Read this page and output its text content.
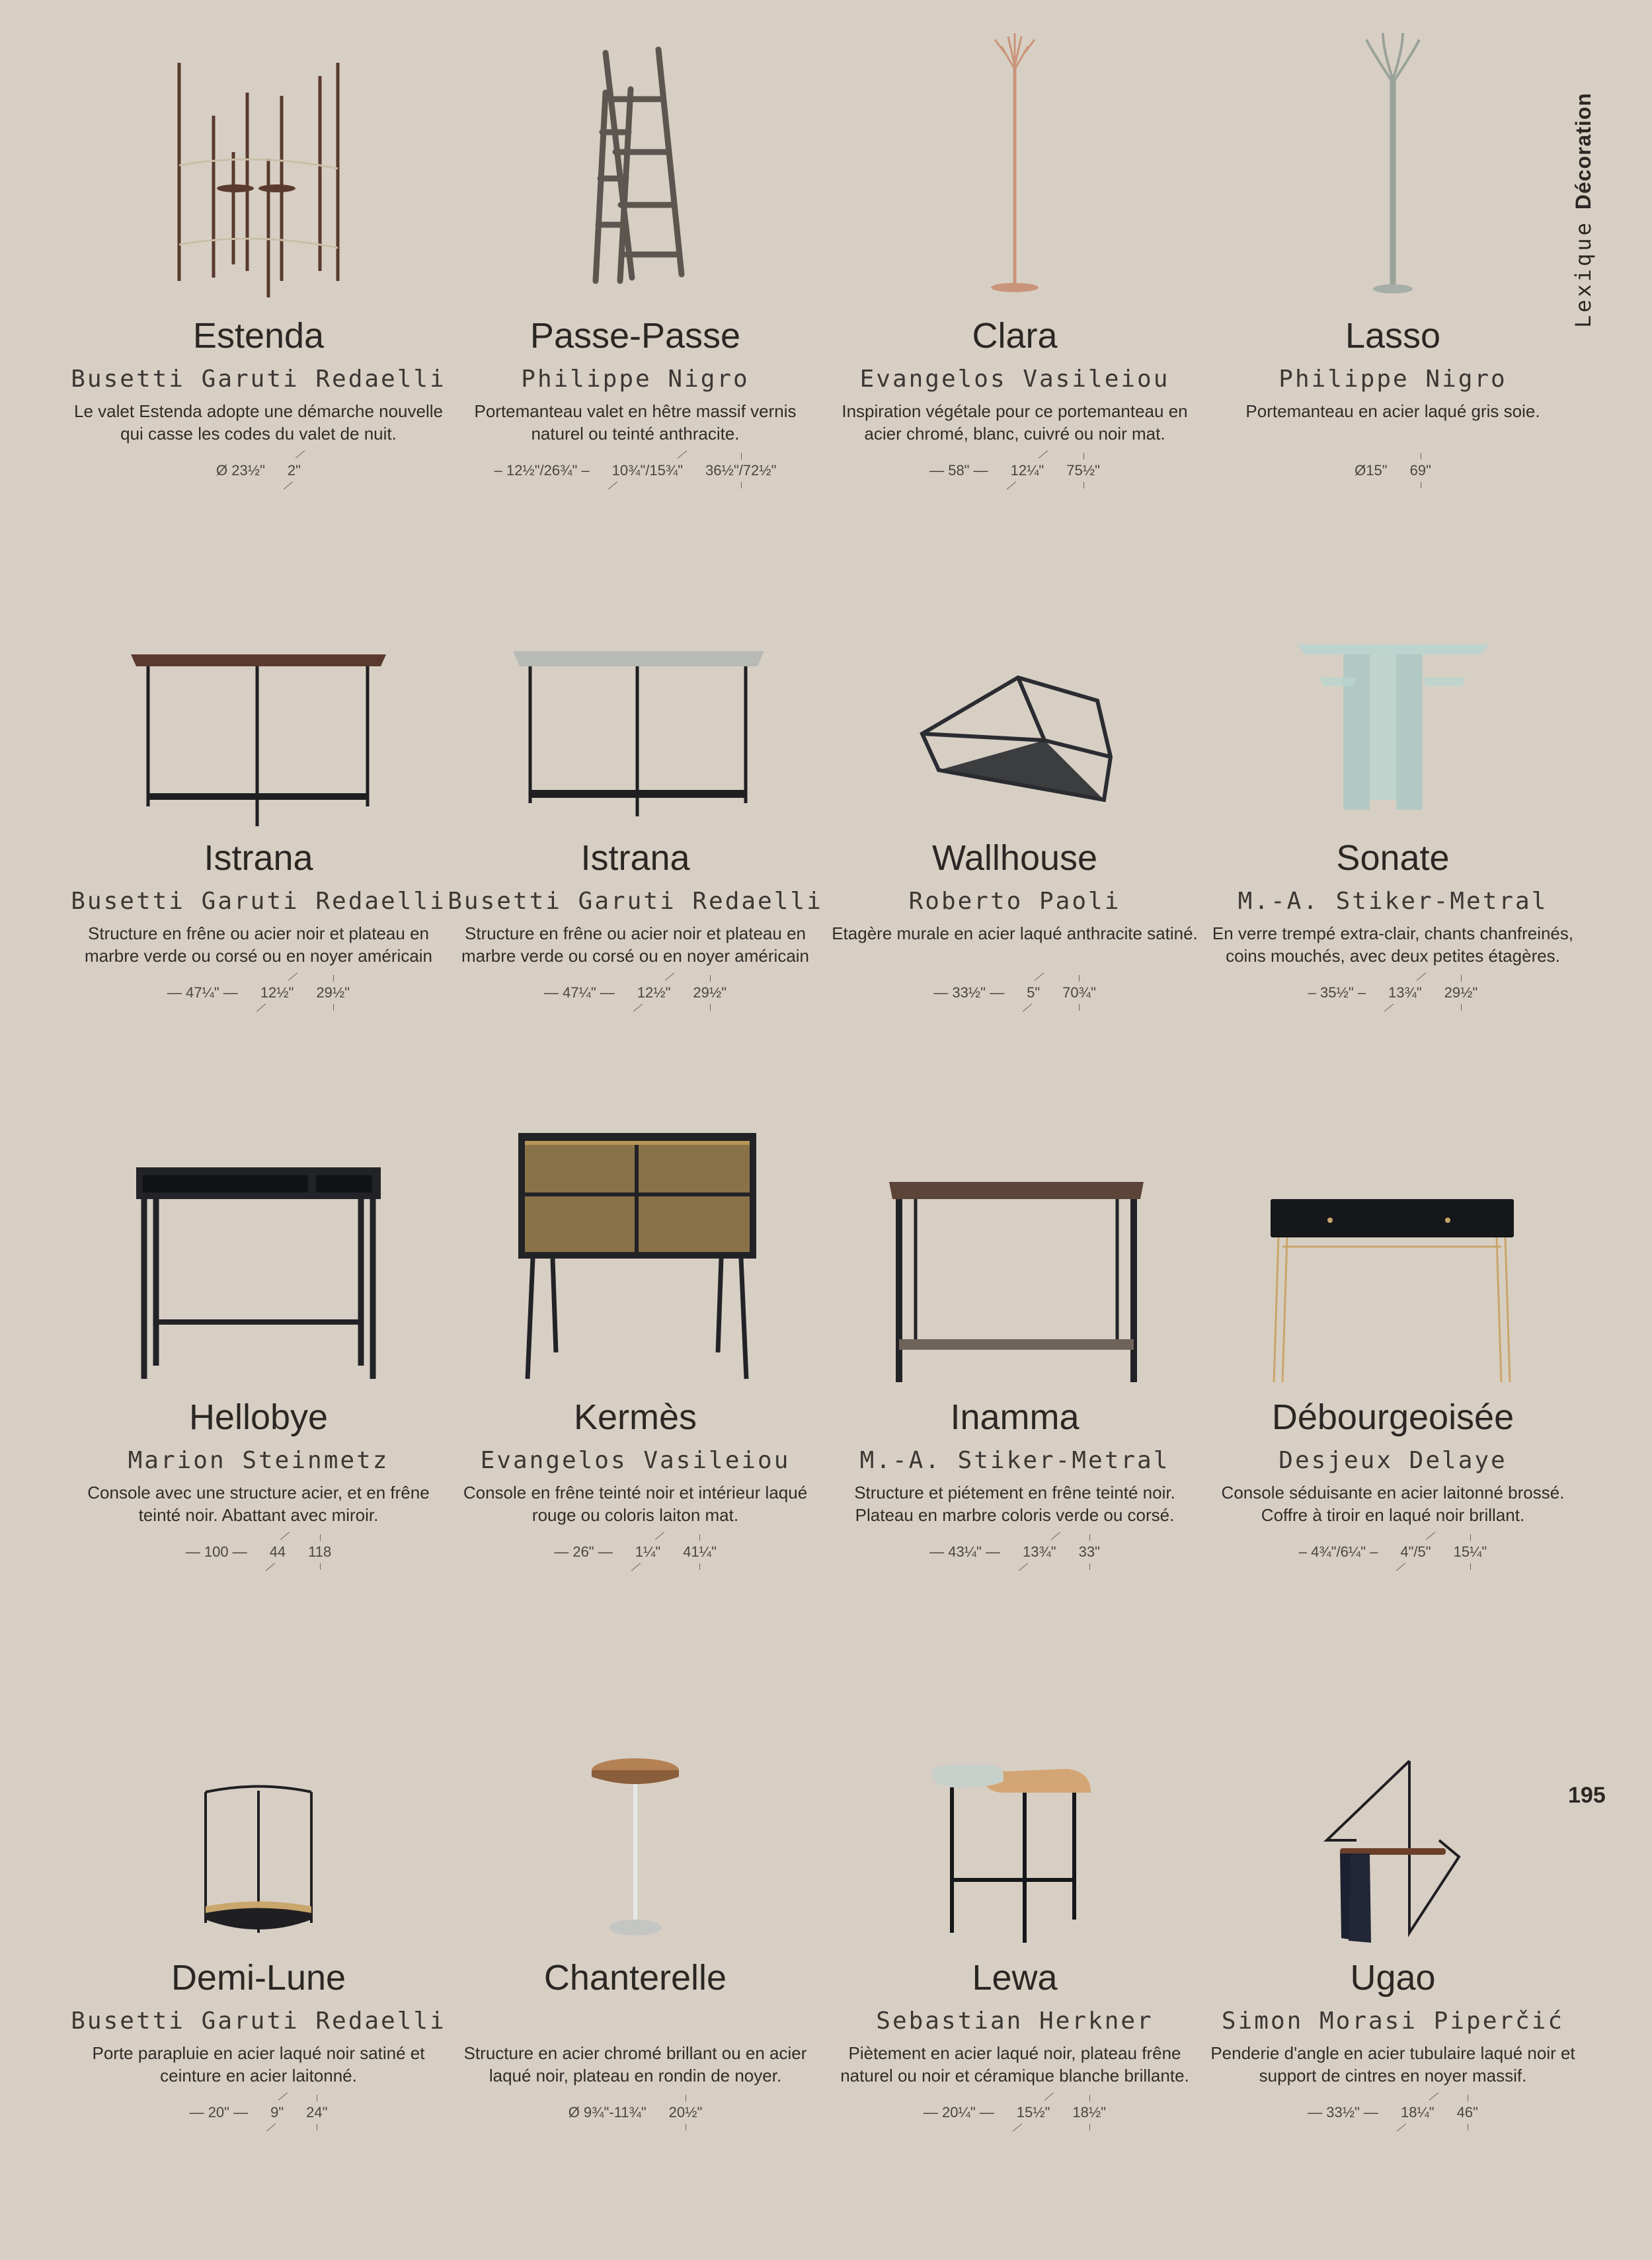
LexiqueDécoration
195
Estenda
Busetti Garuti Redaelli
Le valet Estenda adopte une démarche nouvelle qui casse les codes du valet de nuit.
Ø 23½" 2"
Passe-Passe
Philippe Nigro
Portemanteau valet en hêtre massif vernis naturel ou teinté anthracite.
– 12½"/26¾" – 10¾"/15¾" 36½"/72½"
Clara
Evangelos Vasileiou
Inspiration végétale pour ce portemanteau en acier chromé, blanc, cuivré ou noir mat.
— 58" — 12¼" 75½"
Lasso
Philippe Nigro
Portemanteau en acier laqué gris soie.
Ø15" 69"
Istrana
Busetti Garuti Redaelli
Structure en frêne ou acier noir et plateau en marbre verde ou corsé ou en noyer américain
— 47¼" — 12½" 29½"
Istrana
Busetti Garuti Redaelli
Structure en frêne ou acier noir et plateau en marbre verde ou corsé ou en noyer américain
— 47¼" — 12½" 29½"
Wallhouse
Roberto Paoli
Etagère murale en acier laqué anthracite satiné.
— 33½" — 5" 70¾"
Sonate
M.-A. Stiker-Metral
En verre trempé extra-clair, chants chanfreinés, coins mouchés, avec deux petites étagères.
– 35½" – 13¾" 29½"
Hellobye
Marion Steinmetz
Console avec une structure acier, et en frêne teinté noir. Abattant avec miroir.
— 100 — 44 118
Kermès
Evangelos Vasileiou
Console en frêne teinté noir et intérieur laqué rouge ou coloris laiton mat.
— 26" — 1¼" 41¼"
Inamma
M.-A. Stiker-Metral
Structure et piétement en frêne teinté noir. Plateau en marbre coloris verde ou corsé.
— 43¼" — 13¾" 33"
Débourgeoisée
Desjeux Delaye
Console séduisante en acier laitonné brossé. Coffre à tiroir en laqué noir brillant.
– 4¾"/6¼" – 4"/5" 15¼"
Demi-Lune
Busetti Garuti Redaelli
Porte parapluie en acier laqué noir satiné et ceinture en acier laitonné.
— 20" — 9" 24"
Chanterelle
Structure en acier chromé brillant ou en acier laqué noir, plateau en rondin de noyer.
Ø 9¾"-11¾" 20½"
Lewa
Sebastian Herkner
Piètement en acier laqué noir, plateau frêne naturel ou noir et céramique blanche brillante.
— 20¼" — 15½" 18½"
Ugao
Simon Morasi Piperčić
Penderie d'angle en acier tubulaire laqué noir et support de cintres en noyer massif.
— 33½" — 18¼" 46"
